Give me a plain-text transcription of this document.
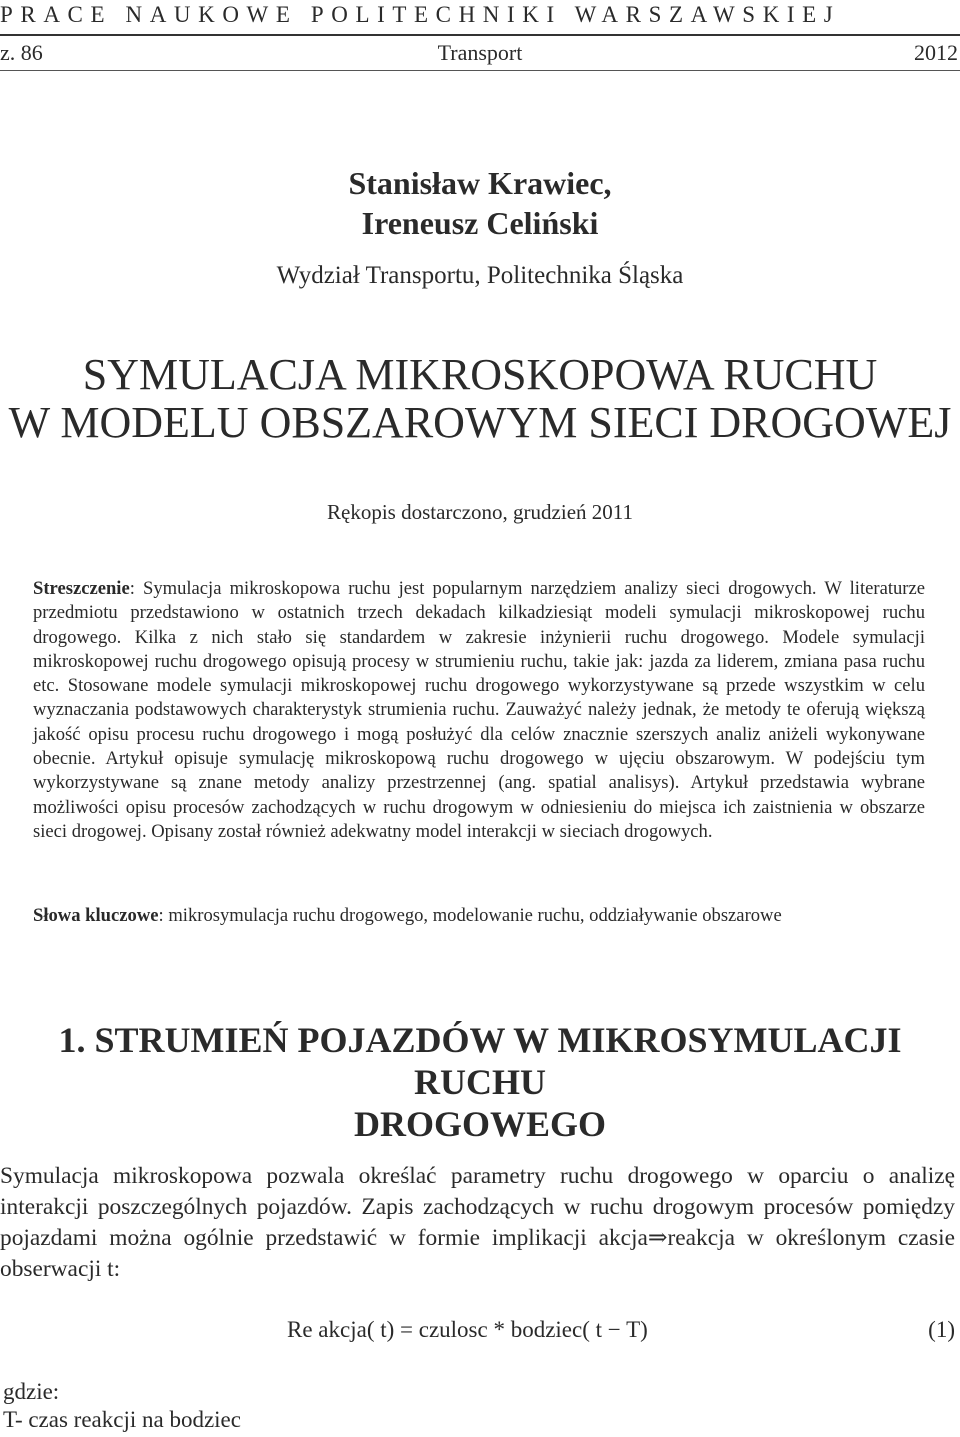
PRACE NAUKOWE POLITECHNIKI WARSZAWSKIEJ
z. 86	Transport	2012
Stanisław Krawiec,
Ireneusz Celiński
Wydział Transportu, Politechnika Śląska
SYMULACJA MIKROSKOPOWA RUCHU
W MODELU OBSZAROWYM SIECI DROGOWEJ
Rękopis dostarczono, grudzień 2011

Streszczenie: Symulacja mikroskopowa ruchu jest popularnym narzędziem analizy sieci drogowych. W literaturze przedmiotu przedstawiono w ostatnich trzech dekadach kilkadziesiąt modeli symulacji mikroskopowej ruchu drogowego. Kilka z nich stało się standardem w zakresie inżynierii ruchu drogowego. Modele symulacji mikroskopowej ruchu drogowego opisują procesy w strumieniu ruchu, takie jak: jazda za liderem, zmiana pasa ruchu etc. Stosowane modele symulacji mikroskopowej ruchu drogowego wykorzystywane są przede wszystkim w celu wyznaczania podstawowych charakterystyk strumienia ruchu. Zauważyć należy jednak, że metody te oferują większą jakość opisu procesu ruchu drogowego i mogą posłużyć dla celów znacznie szerszych analiz aniżeli wykonywane obecnie. Artykuł opisuje symulację mikroskopową ruchu drogowego w ujęciu obszarowym. W podejściu tym wykorzystywane są znane metody analizy przestrzennej (ang. spatial analisys). Artykuł przedstawia wybrane możliwości opisu procesów zachodzących w ruchu drogowym w odniesieniu do miejsca ich zaistnienia w obszarze sieci drogowej. Opisany został również adekwatny model interakcji w sieciach drogowych.

Słowa kluczowe: mikrosymulacja ruchu drogowego, modelowanie ruchu, oddziaływanie obszarowe

1. STRUMIEŃ POJAZDÓW W MIKROSYMULACJI RUCHU
DROGOWEGO

Symulacja mikroskopowa pozwala określać parametry ruchu drogowego w oparciu o analizę interakcji poszczególnych pojazdów. Zapis zachodzących w ruchu drogowym procesów pomiędzy pojazdami można ogólnie przedstawić w formie implikacji akcja⇒reakcja w określonym czasie obserwacji t:

Re akcja( t) = czulosc * bodziec( t − T)	(1)
gdzie:
T- czas reakcji na bodziec
